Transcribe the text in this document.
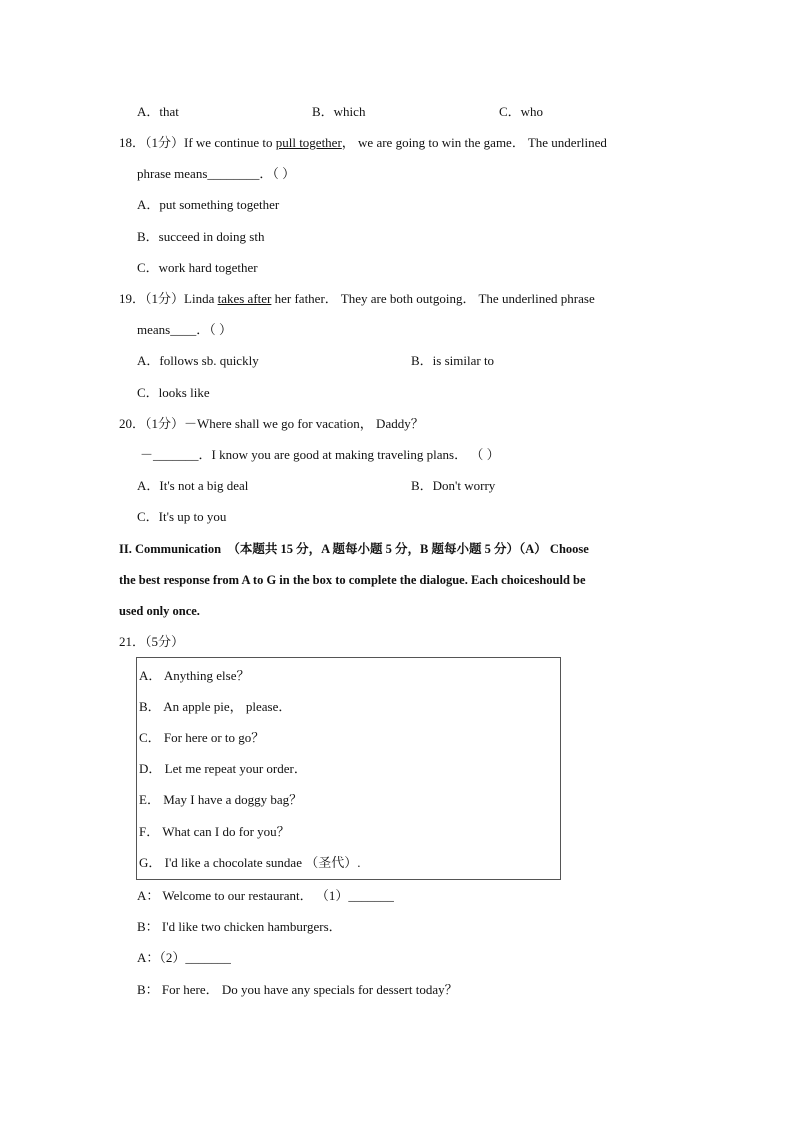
A．that	B．which	C．who
18．（1分）If we continue to pull together， we are going to win the game． The underlined
phrase means________．（ ）
A．put something together
B．succeed in doing sth
C．work hard together
19．（1分）Linda takes after her father． They are both outgoing． The underlined phrase
means____．（ ）
A．follows sb. quickly	B．is similar to
C．looks like
20．（1分）－Where shall we go for vacation， Daddy？
－_______．I know you are good at making traveling plans． （ ）
A．It's not a big deal	B．Don't worry
C．It's up to you
II. Communication （本题共 15 分，A 题每小题 5 分，B 题每小题 5 分）（A） Choose
the best response from A to G in the box to complete the dialogue. Each choiceshould be
used only once.
21．（5分）
A． Anything else？
B． An apple pie， please．
C． For here or to go？
D． Let me repeat your order．
E． May I have a doggy bag？
F． What can I do for you？
G． I'd like a chocolate sundae （圣代）.
A： Welcome to our restaurant． （1）_______
B： I'd like two chicken hamburgers．
A：（2）_______
B： For here． Do you have any specials for dessert today？
